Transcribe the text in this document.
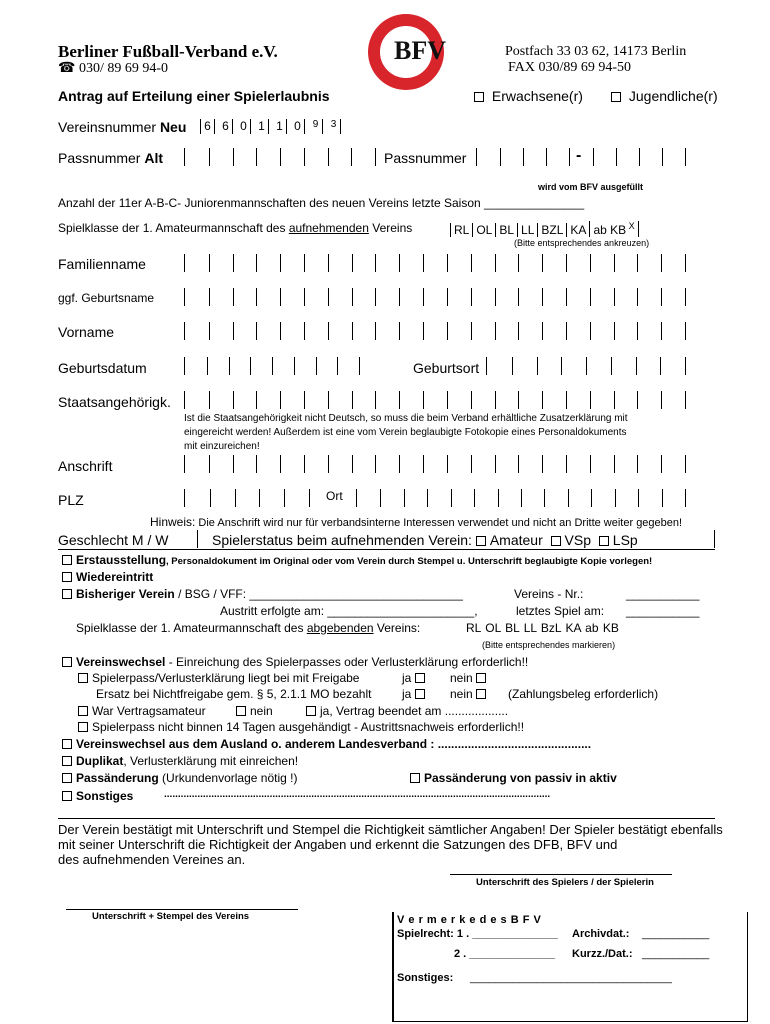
BFV
Berliner Fußball-Verband e.V.
☎ 030/ 89 69 94-0
Postfach 33 03 62, 14173 Berlin
FAX 030/89 69 94-50
Antrag auf Erteilung einer Spielerlaubnis	Erwachsene(r)	Jugendliche(r)
Vereinsnummer Neu 6 6 0 1 1 0	9	3
Passnummer Alt	Passnummer	-
wird vom BFV ausgefüllt
Anzahl der 11er A-B-C- Juniorenmannschaften des neuen Vereins letzte Saison _______________
Spielklasse der 1. Amateurmannschaft des aufnehmenden Vereins	RL OL BL LL BZL KA ab KB $^X$
(Bitte entsprechendes ankreuzen)
Familienname
ggf. Geburtsname
Vorname
Geburtsdatum	Geburtsort
Staatsangehörigk.
Ist die Staatsangehörigkeit nicht Deutsch, so muss die beim Verband erhältliche Zusatzerklärung mit
eingereicht werden! Außerdem ist eine vom Verein beglaubigte Fotokopie eines Personaldokuments
mit einzureichen!
Anschrift
PLZ	Ort
Hinweis: Die Anschrift wird nur für verbandsinterne Interessen verwendet und nicht an Dritte weiter gegeben!
Geschlecht M / W	Spielerstatus beim aufnehmenden Verein: Amateur VSp LSp
Erstausstellung, Personaldokument im Original oder vom Verein durch Stempel u. Unterschrift beglaubigte Kopie vorlegen!
Wiedereintritt
Bisheriger Verein / BSG / VFF: ________________________________	Vereins - Nr.:	___________
Austritt erfolgte am: ______________________,	letztes Spiel am: ___________
Spielklasse der 1. Amateurmannschaft des abgebenden Vereins:	RL OL BL LL BzL KA ab KB
(Bitte entsprechendes markieren)
Vereinswechsel - Einreichung des Spielerpasses oder Verlusterklärung erforderlich!!
Spielerpass/Verlusterklärung liegt bei mit Freigabe	ja	nein
Ersatz bei Nichtfreigabe gem. § 5, 2.1.1 MO bezahlt	ja	nein	(Zahlungsbeleg erforderlich)
War Vertragsamateur	nein	ja, Vertrag beendet am ...................
Spielerpass nicht binnen 14 Tagen ausgehändigt - Austrittsnachweis erforderlich!!
Vereinswechsel aus dem Ausland o. anderem Landesverband : ..............................................
Duplikat, Verlusterklärung mit einreichen!
Passänderung (Urkundenvorlage nötig !)	Passänderung von passiv in aktiv
Sonstiges	...........................................................................................................................................
Der Verein bestätigt mit Unterschrift und Stempel die Richtigkeit sämtlicher Angaben! Der Spieler bestätigt ebenfalls
mit seiner Unterschrift die Richtigkeit der Angaben und erkennt die Satzungen des DFB, BFV und
des aufnehmenden Vereines an.
Unterschrift des Spielers / der Spielerin
Unterschrift + Stempel des Vereins	V e r m e r k e d e s B F V
Spielrecht: 1 . ______________ Archivdat.: ___________
2 . ______________ Kurzz./Dat.: ___________
Sonstiges: _________________________________
